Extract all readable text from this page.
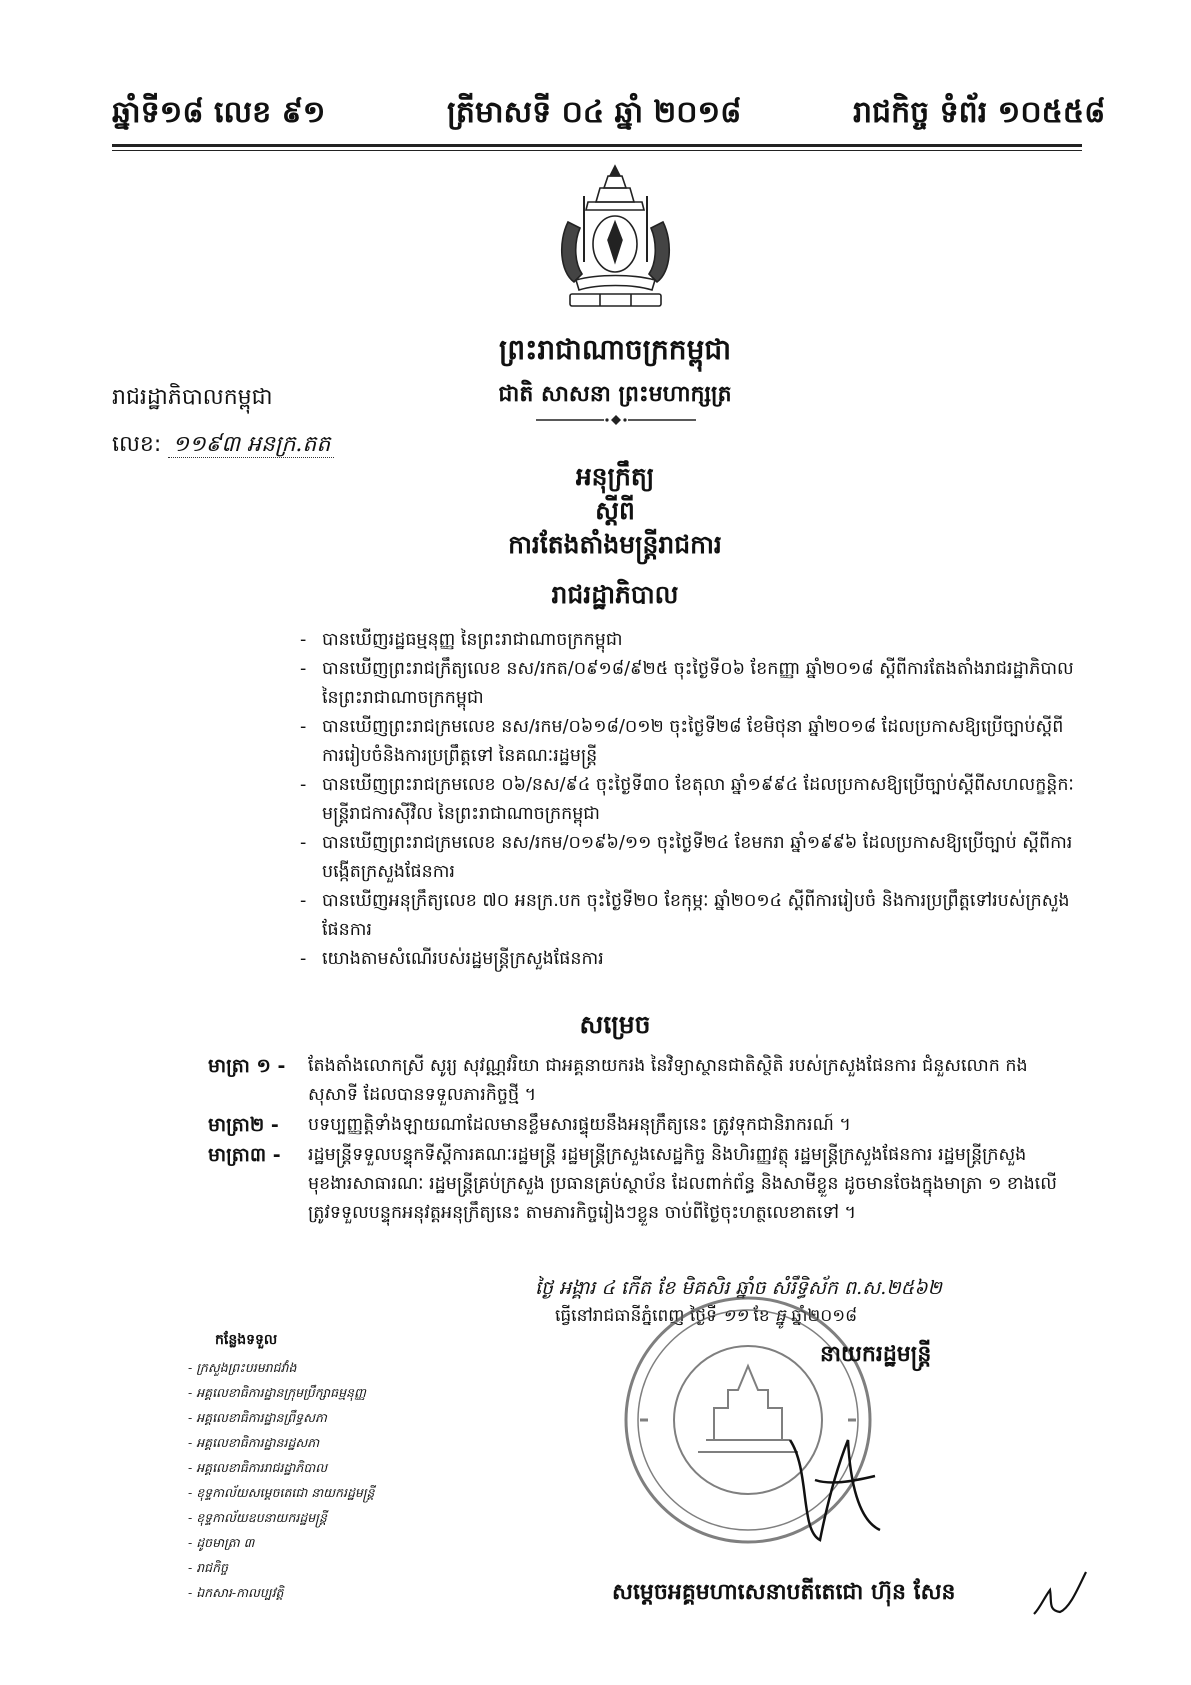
ឆ្នាំទី១៨ លេខ ៩១	ត្រីមាសទី ០៤ ឆ្នាំ ២០១៨	រាជកិច្ច ទំព័រ ១០៥៥៨
ព្រះរាជាណាចក្រកម្ពុជា
ជាតិ សាសនា ព្រះមហាក្សត្រ
រាជរដ្ឋាភិបាលកម្ពុជា
លេខ: ១១៩៣ អនក្រ.តត
អនុក្រឹត្យ
ស្តីពី
ការតែងតាំងមន្ត្រីរាជការ
រាជរដ្ឋាភិបាល
- បានឃើញរដ្ឋធម្មនុញ្ញ នៃព្រះរាជាណាចក្រកម្ពុជា
- បានឃើញព្រះរាជក្រឹត្យលេខ នស/រកត/០៩១៨/៩២៥ ចុះថ្ងៃទី០៦ ខែកញ្ញា ឆ្នាំ២០១៨ ស្តីពីការតែងតាំងរាជរដ្ឋាភិបាល នៃព្រះរាជាណាចក្រកម្ពុជា
- បានឃើញព្រះរាជក្រមលេខ នស/រកម/០៦១៨/០១២ ចុះថ្ងៃទី២៨ ខែមិថុនា ឆ្នាំ២០១៨ ដែលប្រកាសឱ្យប្រើច្បាប់ស្តីពីការរៀបចំនិងការប្រព្រឹត្តទៅ នៃគណៈរដ្ឋមន្ត្រី
- បានឃើញព្រះរាជក្រមលេខ ០៦/នស/៩៤ ចុះថ្ងៃទី៣០ ខែតុលា ឆ្នាំ១៩៩៤ ដែលប្រកាសឱ្យប្រើច្បាប់ស្តីពីសហលក្ខន្តិកៈមន្ត្រីរាជការស៊ីវិល នៃព្រះរាជាណាចក្រកម្ពុជា
- បានឃើញព្រះរាជក្រមលេខ នស/រកម/០១៩៦/១១ ចុះថ្ងៃទី២៤ ខែមករា ឆ្នាំ១៩៩៦ ដែលប្រកាសឱ្យប្រើច្បាប់ ស្តីពីការបង្កើតក្រសួងផែនការ
- បានឃើញអនុក្រឹត្យលេខ ៧០ អនក្រ.បក ចុះថ្ងៃទី២០ ខែកុម្ភៈ ឆ្នាំ២០១៤ ស្តីពីការរៀបចំ និងការប្រព្រឹត្តទៅរបស់ក្រសួងផែនការ
- យោងតាមសំណើរបស់រដ្ឋមន្ត្រីក្រសួងផែនការ
សម្រេច
មាត្រា ១ -	តែងតាំងលោកស្រី សូរ្យ សុវណ្ណវរិយា ជាអគ្គនាយករង នៃវិទ្យាស្ថានជាតិស្ថិតិ របស់ក្រសួងផែនការ ជំនួសលោក កង សុសាទី ដែលបានទទួលភារកិច្ចថ្មី ។
មាត្រា២ -	បទប្បញ្ញត្តិទាំងឡាយណាដែលមានខ្លឹមសារផ្ទុយនឹងអនុក្រឹត្យនេះ ត្រូវទុកជានិរាករណ៍ ។
មាត្រា៣ -	រដ្ឋមន្ត្រីទទួលបន្ទុកទីស្តីការគណៈរដ្ឋមន្ត្រី រដ្ឋមន្ត្រីក្រសួងសេដ្ឋកិច្ច និងហិរញ្ញវត្ថុ រដ្ឋមន្ត្រីក្រសួងផែនការ រដ្ឋមន្ត្រីក្រសួងមុខងារសាធារណៈ រដ្ឋមន្ត្រីគ្រប់ក្រសួង ប្រធានគ្រប់ស្ថាប័ន ដែលពាក់ព័ន្ធ និងសាមីខ្លួន ដូចមានចែងក្នុងមាត្រា ១ ខាងលើ ត្រូវទទួលបន្ទុកអនុវត្តអនុក្រឹត្យនេះ តាមភារកិច្ចរៀងៗខ្លួន ចាប់ពីថ្ងៃចុះហត្ថលេខាតទៅ ។
ថ្ងៃ អង្គារ ៤ កើត ខែ មិគសិរ ឆ្នាំច សំរឹទ្ធិស័ក ព.ស.២៥៦២
ធ្វើនៅរាជធានីភ្នំពេញ ថ្ងៃទី ១១ ខែ ធ្នូ ឆ្នាំ២០១៨
នាយករដ្ឋមន្ត្រី
សម្តេចអគ្គមហាសេនាបតីតេជោ ហ៊ុន សែន
កន្លែងទទួល
- ក្រសួងព្រះបរមរាជវាំង
- អគ្គលេខាធិការដ្ឋានក្រុមប្រឹក្សាធម្មនុញ្ញ
- អគ្គលេខាធិការដ្ឋានព្រឹទ្ធសភា
- អគ្គលេខាធិការដ្ឋានរដ្ឋសភា
- អគ្គលេខាធិការរាជរដ្ឋាភិបាល
- ខុទ្ទកាល័យសម្តេចតេជោ នាយករដ្ឋមន្ត្រី
- ខុទ្ទកាល័យឧបនាយករដ្ឋមន្ត្រី
- ដូចមាត្រា ៣
- រាជកិច្ច
- ឯកសារ-កាលប្បវត្តិ
